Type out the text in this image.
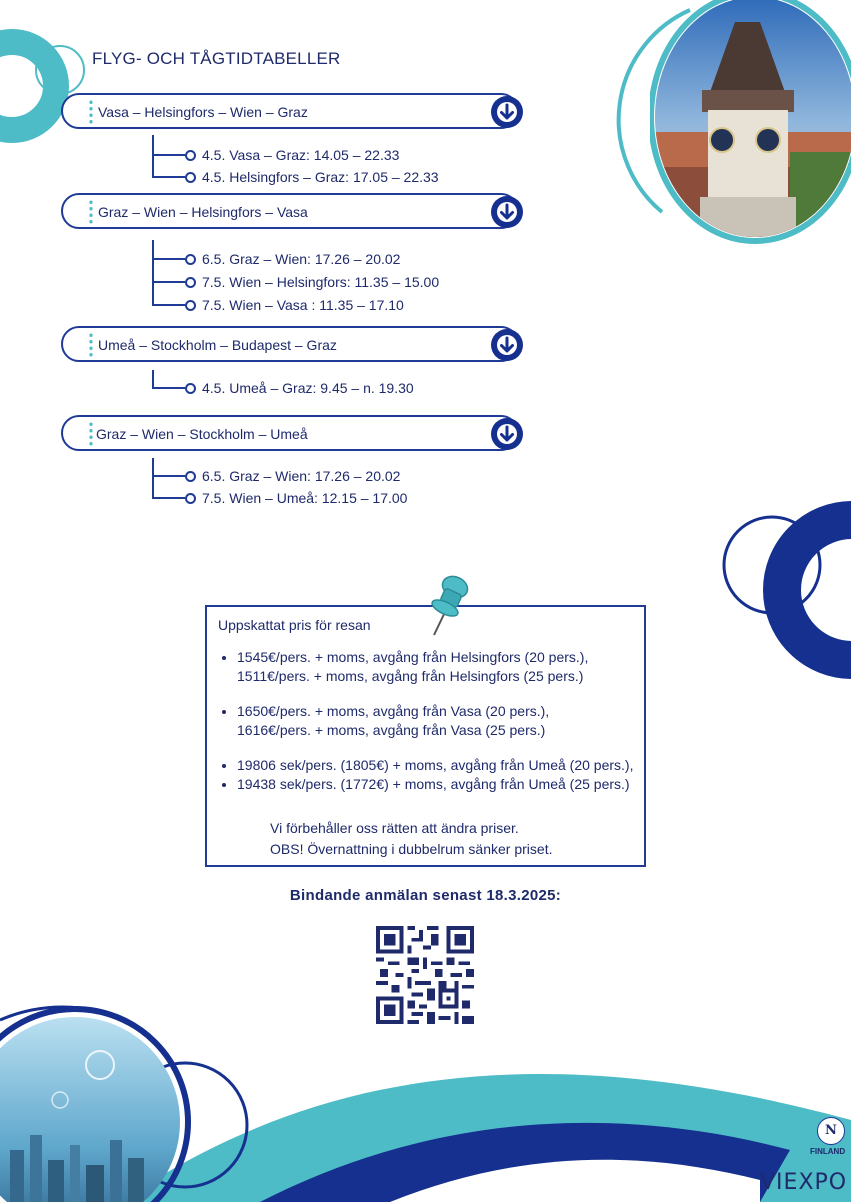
FLYG- OCH TÅGTIDTABELLER
Vasa – Helsingfors – Wien – Graz
4.5. Vasa – Graz: 14.05 – 22.33
4.5. Helsingfors – Graz: 17.05 – 22.33
Graz – Wien – Helsingfors – Vasa
6.5. Graz – Wien: 17.26 – 20.02
7.5. Wien – Helsingfors: 11.35 – 15.00
7.5. Wien – Vasa : 11.35 – 17.10
Umeå – Stockholm – Budapest – Graz
4.5. Umeå – Graz: 9.45 – n. 19.30
Graz – Wien – Stockholm – Umeå
6.5. Graz – Wien: 17.26 – 20.02
7.5. Wien – Umeå: 12.15 – 17.00
Uppskattat pris för resan
• 1545€/pers. + moms, avgång från Helsingfors (20 pers.),
1511€/pers. + moms, avgång från Helsingfors (25 pers.)
• 1650€/pers. + moms, avgång från Vasa (20 pers.),
1616€/pers. + moms, avgång från Vasa (25 pers.)
• 19806 sek/pers. (1805€) + moms, avgång från Umeå (20 pers.),
• 19438 sek/pers. (1772€) + moms, avgång från Umeå (25 pers.)
Vi förbehåller oss rätten att ändra priser.
OBS! Övernattning i dubbelrum sänker priset.
Bindande anmälan senast 18.3.2025:
N
FINLAND
VIEXPO
